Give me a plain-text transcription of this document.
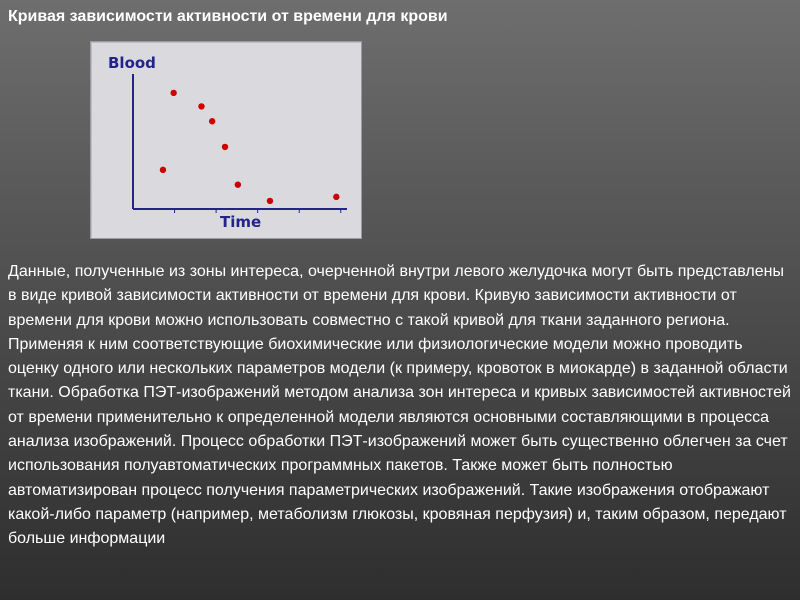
Кривая зависимости активности от времени для крови
Blood
Time

Данные, полученные из зоны интереса, очерченной внутри левого желудочка могут быть представлены в виде кривой зависимости активности от времени для крови. Кривую зависимости активности от времени для крови можно использовать совместно с такой кривой для ткани заданного региона. Применяя к ним соответствующие биохимические или физиологические модели можно проводить оценку одного или нескольких параметров модели (к примеру, кровоток в миокарде) в заданной области ткани. Обработка ПЭТ-изображений методом анализа зон интереса и кривых зависимостей активностей от времени применительно к определенной модели являются основными составляющими в процесса анализа изображений. Процесс обработки ПЭТ-изображений может быть существенно облегчен за счет использования полуавтоматических программных пакетов. Также может быть полностью автоматизирован процесс получения параметрических изображений. Такие изображения отображают какой-либо параметр (например, метаболизм глюкозы, кровяная перфузия) и, таким образом, передают больше информации
